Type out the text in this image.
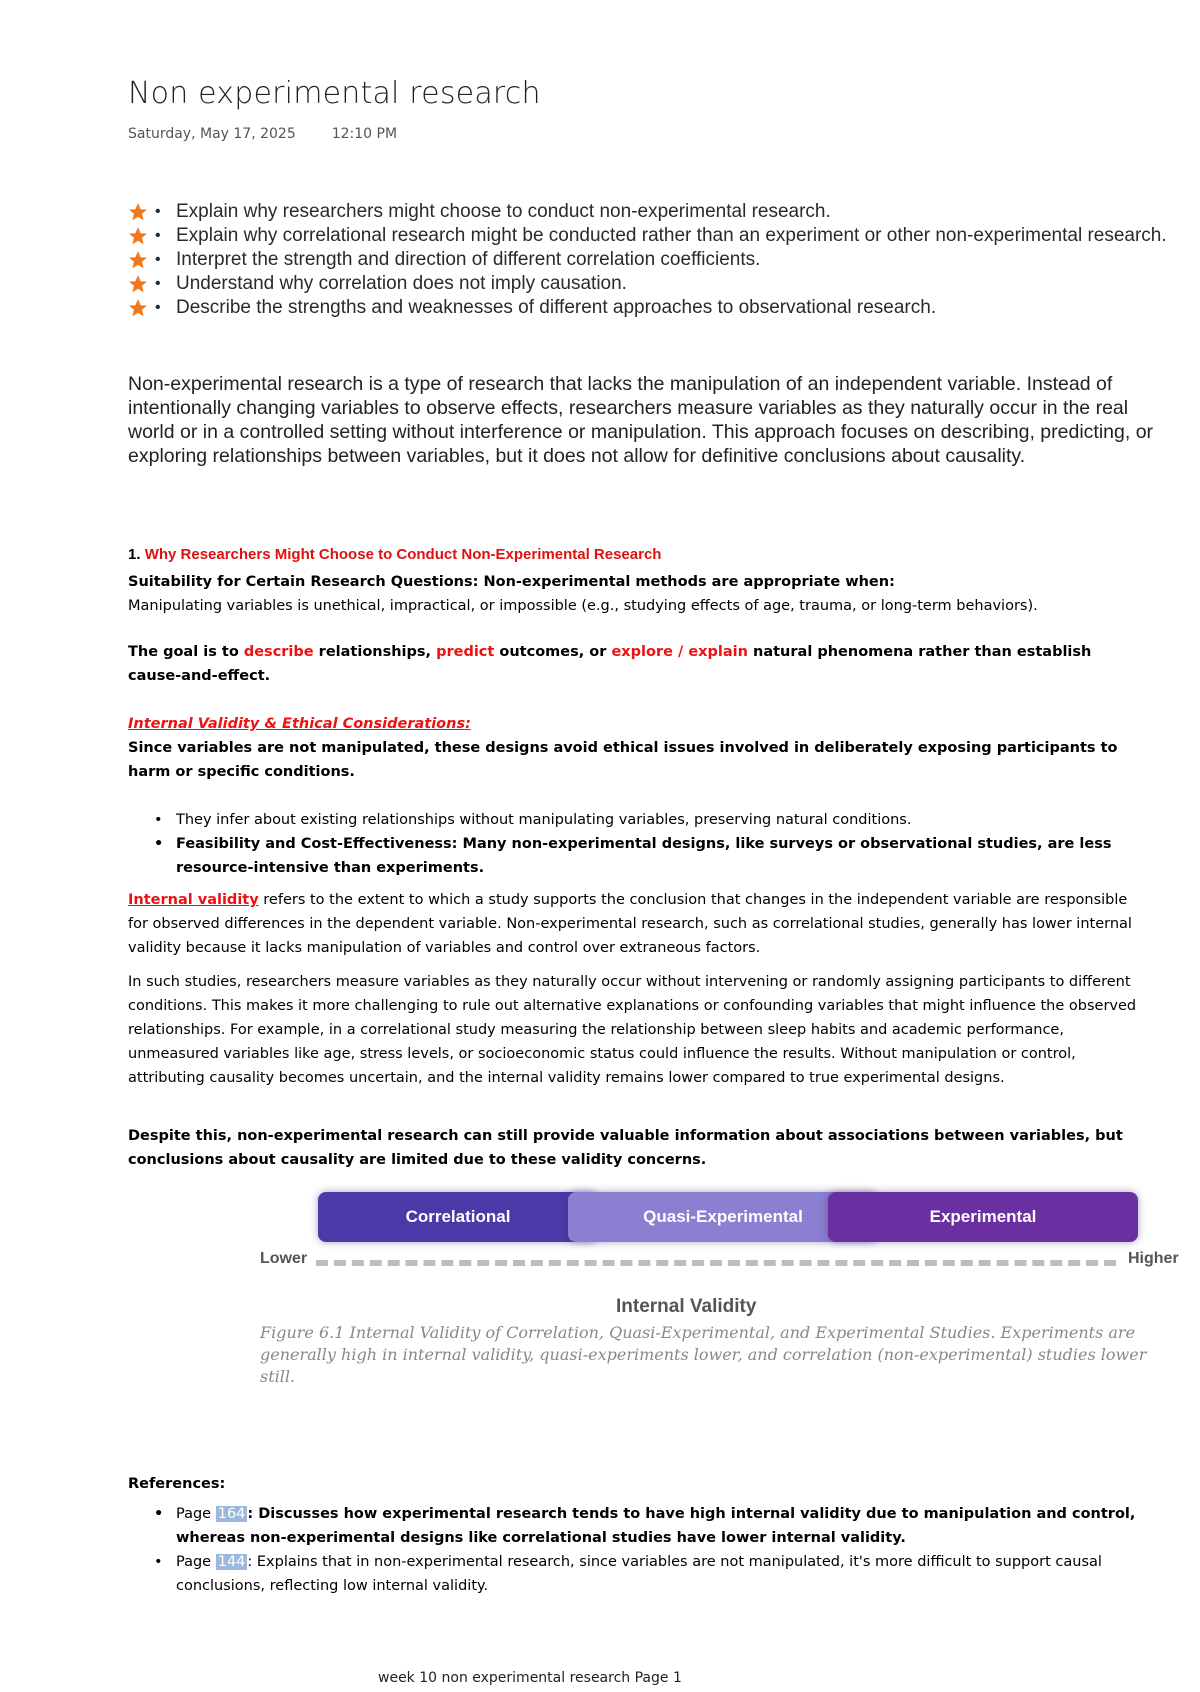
Non experimental research
Saturday, May 17, 2025	12:10 PM
• Explain why researchers might choose to conduct non-experimental research.
• Explain why correlational research might be conducted rather than an experiment or other non-experimental research.
• Interpret the strength and direction of different correlation coefficients.
• Understand why correlation does not imply causation.
• Describe the strengths and weaknesses of different approaches to observational research.
Non-experimental research is a type of research that lacks the manipulation of an independent variable. Instead of intentionally changing variables to observe effects, researchers measure variables as they naturally occur in the real world or in a controlled setting without interference or manipulation. This approach focuses on describing, predicting, or exploring relationships between variables, but it does not allow for definitive conclusions about causality.
1. Why Researchers Might Choose to Conduct Non-Experimental Research
Suitability for Certain Research Questions: Non-experimental methods are appropriate when:
Manipulating variables is unethical, impractical, or impossible (e.g., studying effects of age, trauma, or long-term behaviors).
The goal is to describe relationships, predict outcomes, or explore / explain natural phenomena rather than establish cause-and-effect.
Internal Validity & Ethical Considerations:
Since variables are not manipulated, these designs avoid ethical issues involved in deliberately exposing participants to harm or specific conditions.
• They infer about existing relationships without manipulating variables, preserving natural conditions.
• Feasibility and Cost-Effectiveness: Many non-experimental designs, like surveys or observational studies, are less resource-intensive than experiments.
Internal validity refers to the extent to which a study supports the conclusion that changes in the independent variable are responsible for observed differences in the dependent variable. Non-experimental research, such as correlational studies, generally has lower internal validity because it lacks manipulation of variables and control over extraneous factors.
In such studies, researchers measure variables as they naturally occur without intervening or randomly assigning participants to different conditions. This makes it more challenging to rule out alternative explanations or confounding variables that might influence the observed relationships. For example, in a correlational study measuring the relationship between sleep habits and academic performance, unmeasured variables like age, stress levels, or socioeconomic status could influence the results. Without manipulation or control, attributing causality becomes uncertain, and the internal validity remains lower compared to true experimental designs.
Despite this, non-experimental research can still provide valuable information about associations between variables, but conclusions about causality are limited due to these validity concerns.
References:
• Page 164 : Discusses how experimental research tends to have high internal validity due to manipulation and control, whereas non-experimental designs like correlational studies have lower internal validity.
• Page 144 : Explains that in non-experimental research, since variables are not manipulated, it's more difficult to support causal conclusions, reflecting low internal validity.
Correlational	Quasi-Experimental	Experimental
Lower	Higher
Internal Validity
Figure 6.1 Internal Validity of Correlation, Quasi-Experimental, and Experimental Studies. Experiments are generally high in internal validity, quasi-experiments lower, and correlation (non-experimental) studies lower still.
week 10 non experimental research Page 1
